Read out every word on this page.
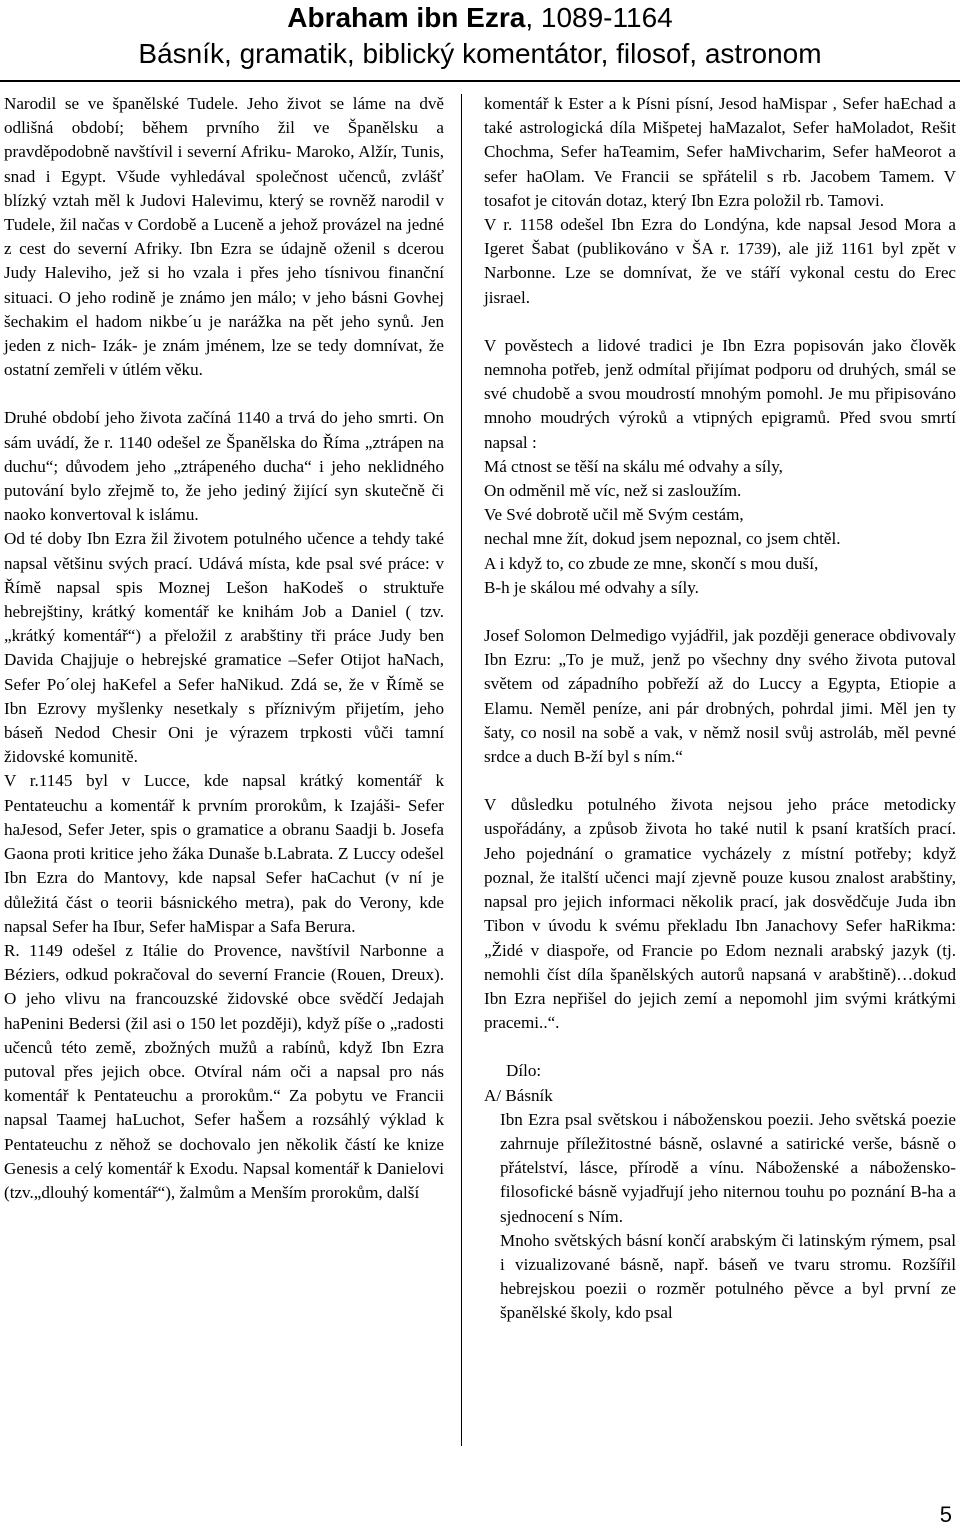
Abraham ibn Ezra, 1089-1164
Básník, gramatik, biblický komentátor, filosof, astronom

Narodil se ve španělské Tudele. Jeho život se láme na dvě odlišná období; během prvního žil ve Španělsku a pravděpodobně navštívil i severní Afriku- Maroko, Alžír, Tunis, snad i Egypt. Všude vyhledával společnost učenců, zvlášť blízký vztah měl k Judovi Halevimu, který se rovněž narodil v Tudele, žil načas v Cordobě a Luceně a jehož provázel na jedné z cest do severní Afriky. Ibn Ezra se údajně oženil s dcerou Judy Haleviho, jež si ho vzala i přes jeho tísnivou finanční situaci. O jeho rodině je známo jen málo; v jeho básni Govhej šechakim el hadom nikbe´u je narážka na pět jeho synů. Jen jeden z nich- Izák- je znám jménem, lze se tedy domnívat, že ostatní zemřeli v útlém věku.

Druhé období jeho života začíná 1140 a trvá do jeho smrti. On sám uvádí, že r. 1140 odešel ze Španělska do Říma „ztrápen na duchu“; důvodem jeho „ztrápeného ducha“ i jeho neklidného putování bylo zřejmě to, že jeho jediný žijící syn skutečně či naoko konvertoval k islámu.

Od té doby Ibn Ezra žil životem potulného učence a tehdy také napsal většinu svých prací. Udává místa, kde psal své práce: v Římě napsal spis Moznej Lešon haKodeš o struktuře hebrejštiny, krátký komentář ke knihám Job a Daniel ( tzv.„krátký komentář“) a přeložil z arabštiny tři práce Judy ben Davida Chajjuje o hebrejské gramatice –Sefer Otijot haNach, Sefer Po´olej haKefel a Sefer haNikud. Zdá se, že v Římě se Ibn Ezrovy myšlenky nesetkaly s příznivým přijetím, jeho báseň Nedod Chesir Oni je výrazem trpkosti vůči tamní židovské komunitě.

V r.1145 byl v Lucce, kde napsal krátký komentář k Pentateuchu a komentář k prvním prorokům, k Izajáši- Sefer haJesod, Sefer Jeter, spis o gramatice a obranu Saadji b. Josefa Gaona proti kritice jeho žáka Dunaše b.Labrata. Z Luccy odešel Ibn Ezra do Mantovy, kde napsal Sefer haCachut (v ní je důležitá část o teorii básnického metra), pak do Verony, kde napsal Sefer ha Ibur, Sefer haMispar a Safa Berura.

R. 1149 odešel z Itálie do Provence, navštívil Narbonne a Béziers, odkud pokračoval do severní Francie (Rouen, Dreux). O jeho vlivu na francouzské židovské obce svědčí Jedajah haPenini Bedersi (žil asi o 150 let později), když píše o „radosti učenců této země, zbožných mužů a rabínů, když Ibn Ezra putoval přes jejich obce. Otvíral nám oči a napsal pro nás komentář k Pentateuchu a prorokům.“ Za pobytu ve Francii napsal Taamej haLuchot, Sefer haŠem a rozsáhlý výklad k Pentateuchu z něhož se dochovalo jen několik částí ke knize Genesis a celý komentář k Exodu. Napsal komentář k Danielovi (tzv.„dlouhý komentář“), žalmům a Menším prorokům, další

komentář k Ester a k Písni písní, Jesod haMispar , Sefer haEchad a také astrologická díla Mišpetej haMazalot, Sefer haMoladot, Rešit Chochma, Sefer haTeamim, Sefer haMivcharim, Sefer haMeorot a sefer haOlam. Ve Francii se spřátelil s rb. Jacobem Tamem. V tosafot je citován dotaz, který Ibn Ezra položil rb. Tamovi.

V r. 1158 odešel Ibn Ezra do Londýna, kde napsal Jesod Mora a Igeret Šabat (publikováno v ŠA r. 1739), ale již 1161 byl zpět v Narbonne. Lze se domnívat, že ve stáří vykonal cestu do Erec jisrael.

V pověstech a lidové tradici je Ibn Ezra popisován jako člověk nemnoha potřeb, jenž odmítal přijímat podporu od druhých, smál se své chudobě a svou moudrostí mnohým pomohl. Je mu připisováno mnoho moudrých výroků a vtipných epigramů. Před svou smrtí napsal :

Má ctnost se těší na skálu mé odvahy a síly,

On odměnil mě víc, než si zasloužím.

Ve Své dobrotě učil mě Svým cestám,

nechal mne žít, dokud jsem nepoznal, co jsem chtěl.

A i když to, co zbude ze mne, skončí s mou duší,

B-h je skálou mé odvahy a síly.

Josef Solomon Delmedigo vyjádřil, jak později generace obdivovaly Ibn Ezru: „To je muž, jenž po všechny dny svého života putoval světem od západního pobřeží až do Luccy a Egypta, Etiopie a Elamu. Neměl peníze, ani pár drobných, pohrdal jimi. Měl jen ty šaty, co nosil na sobě a vak, v němž nosil svůj astroláb, měl pevné srdce a duch B-ží byl s ním.“

V důsledku potulného života nejsou jeho práce metodicky uspořádány, a způsob života ho také nutil k psaní kratších prací. Jeho pojednání o gramatice vycházely z místní potřeby; když poznal, že italští učenci mají zjevně pouze kusou znalost arabštiny, napsal pro jejich informaci několik prací, jak dosvědčuje Juda ibn Tibon v úvodu k svému překladu Ibn Janachovy Sefer haRikma: „Židé v diaspoře, od Francie po Edom neznali arabský jazyk (tj. nemohli číst díla španělských autorů napsaná v arabštině)…dokud Ibn Ezra nepřišel do jejich zemí a nepomohl jim svými krátkými pracemi..“.

Dílo:

A/ Básník

Ibn Ezra psal světskou i náboženskou poezii. Jeho světská poezie zahrnuje příležitostné básně, oslavné a satirické verše, básně o přátelství, lásce, přírodě a vínu. Náboženské a nábožensko-filosofické básně vyjadřují jeho niternou touhu po poznání B-ha a sjednocení s Ním.

Mnoho světských básní končí arabským či latinským rýmem, psal i vizualizované básně, např. báseň ve tvaru stromu. Rozšířil hebrejskou poezii o rozměr potulného pěvce a byl první ze španělské školy, kdo psal

5
